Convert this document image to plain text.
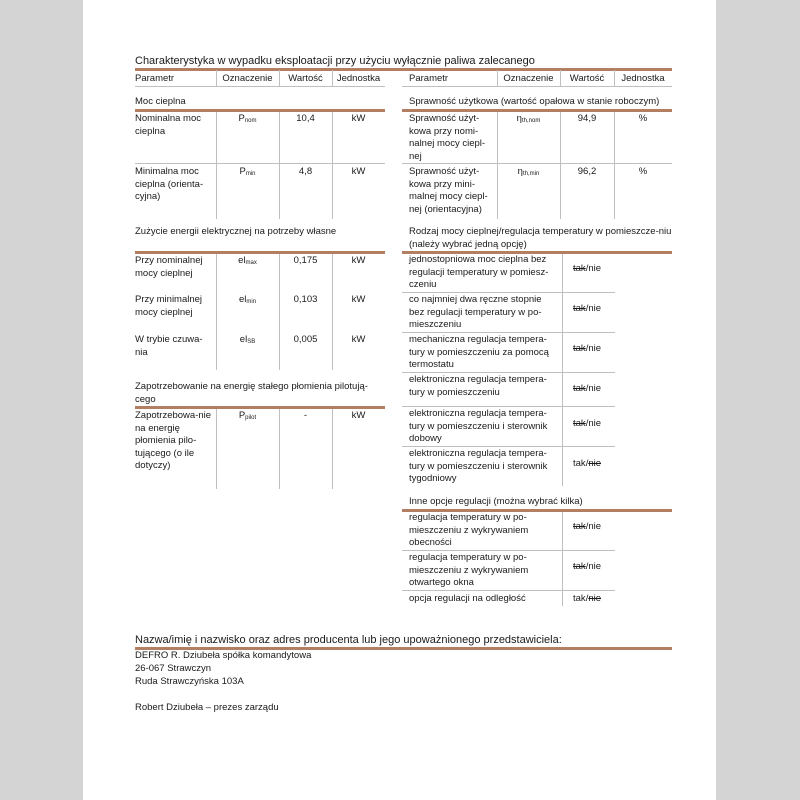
Charakterystyka w wypadku eksploatacji przy użyciu wyłącznie paliwa zalecanego
Parametr	Oznaczenie	Wartość	Jednostka	Parametr	Oznaczenie	Wartość	Jednostka
Moc cieplna
Nominalna moc cieplna
Pnom	10,4	kW
Minimalna moc cieplna (orienta-cyjna)
Pmin	4,8	kW
Sprawność użytkowa (wartość opałowa w stanie roboczym)
Sprawność użyt-kowa przy nomi-nalnej mocy ciepl-nej
ηth,nom	94,9	%
Sprawność użyt-kowa przy mini-malnej mocy ciepl-nej (orientacyjna)
ηth,min	96,2	%
Zużycie energii elektrycznej na potrzeby własne
Przy nominalnej mocy cieplnej
elmax	0,175	kW
Przy minimalnej mocy cieplnej
elmin	0,103	kW
W trybie czuwa-nia
elSB	0,005	kW
Zapotrzebowanie na energię stałego płomienia pilotują-cego
Zapotrzebowa-nie na energię płomienia pilo-tującego (o ile dotyczy)
Ppilot	-	kW
Rodzaj mocy cieplnej/regulacja temperatury w pomieszcze-niu (należy wybrać jedną opcję)
jednostopniowa moc cieplna bez regulacji temperatury w pomiesz-czeniu
tak/nie
co najmniej dwa ręczne stopnie bez regulacji temperatury w po-mieszczeniu
tak/nie
mechaniczna regulacja tempera-tury w pomieszczeniu za pomocą termostatu
tak/nie
elektroniczna regulacja tempera-tury w pomieszczeniu	tak/nie
elektroniczna regulacja tempera-tury w pomieszczeniu i sterownik dobowy
tak/nie
elektroniczna regulacja tempera-tury w pomieszczeniu i sterownik tygodniowy
tak/nie
Inne opcje regulacji (można wybrać kilka)
regulacja temperatury w po-mieszczeniu z wykrywaniem obecności
tak/nie
regulacja temperatury w po-mieszczeniu z wykrywaniem otwartego okna
tak/nie
opcja regulacji na odległość	tak/nie
Nazwa/imię i nazwisko oraz adres producenta lub jego upoważnionego przedstawiciela:
DEFRO R. Dziubeła spółka komandytowa
26-067 Strawczyn
Ruda Strawczyńska 103A
Robert Dziubeła – prezes zarządu
